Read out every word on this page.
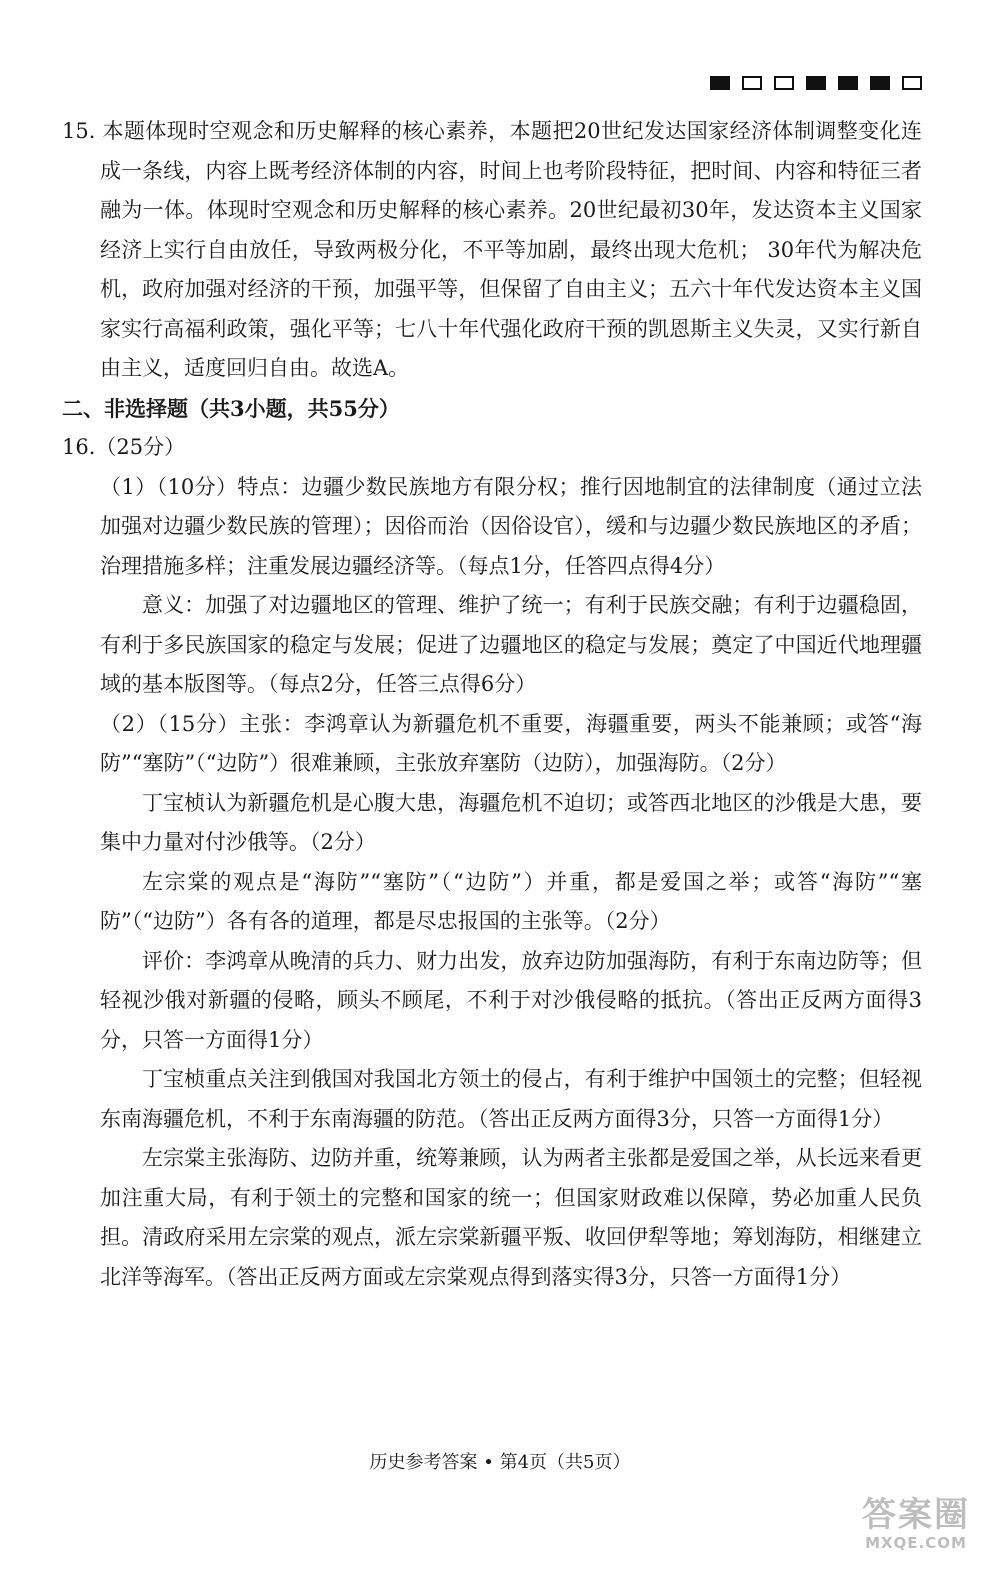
15. 本题体现时空观念和历史解释的核心素养，本题把20世纪发达国家经济体制调整变化连成一条线，内容上既考经济体制的内容，时间上也考阶段特征，把时间、内容和特征三者融为一体。体现时空观念和历史解释的核心素养。20世纪最初30年，发达资本主义国家经济上实行自由放任，导致两极分化，不平等加剧，最终出现大危机； 30年代为解决危机，政府加强对经济的干预，加强平等，但保留了自由主义；五六十年代发达资本主义国家实行高福利政策，强化平等；七八十年代强化政府干预的凯恩斯主义失灵，又实行新自由主义，适度回归自由。故选A。

二、非选择题（共3小题，共55分）

16.（25分）

（1）（10分）特点：边疆少数民族地方有限分权；推行因地制宜的法律制度（通过立法加强对边疆少数民族的管理）；因俗而治（因俗设官），缓和与边疆少数民族地区的矛盾；治理措施多样；注重发展边疆经济等。（每点1分，任答四点得4分）

意义：加强了对边疆地区的管理、维护了统一；有利于民族交融；有利于边疆稳固，有利于多民族国家的稳定与发展；促进了边疆地区的稳定与发展；奠定了中国近代地理疆域的基本版图等。（每点2分，任答三点得6分）

（2）（15分）主张：李鸿章认为新疆危机不重要，海疆重要，两头不能兼顾；或答“海防”“塞防”（“边防”）很难兼顾，主张放弃塞防（边防），加强海防。（2分）

丁宝桢认为新疆危机是心腹大患，海疆危机不迫切；或答西北地区的沙俄是大患，要集中力量对付沙俄等。（2分）

左宗棠的观点是“海防”“塞防”（“边防”）并重，都是爱国之举；或答“海防”“塞防”（“边防”）各有各的道理，都是尽忠报国的主张等。（2分）

评价：李鸿章从晚清的兵力、财力出发，放弃边防加强海防，有利于东南边防等；但轻视沙俄对新疆的侵略，顾头不顾尾，不利于对沙俄侵略的抵抗。（答出正反两方面得3分，只答一方面得1分）

丁宝桢重点关注到俄国对我国北方领土的侵占，有利于维护中国领土的完整；但轻视东南海疆危机，不利于东南海疆的防范。（答出正反两方面得3分，只答一方面得1分）

左宗棠主张海防、边防并重，统筹兼顾，认为两者主张都是爱国之举，从长远来看更加注重大局，有利于领土的完整和国家的统一；但国家财政难以保障，势必加重人民负担。清政府采用左宗棠的观点，派左宗棠新疆平叛、收回伊犁等地；筹划海防，相继建立北洋等海军。（答出正反两方面或左宗棠观点得到落实得3分，只答一方面得1分）

历史参考答案 • 第4页（共5页）
答案圈
MXQE.COM
